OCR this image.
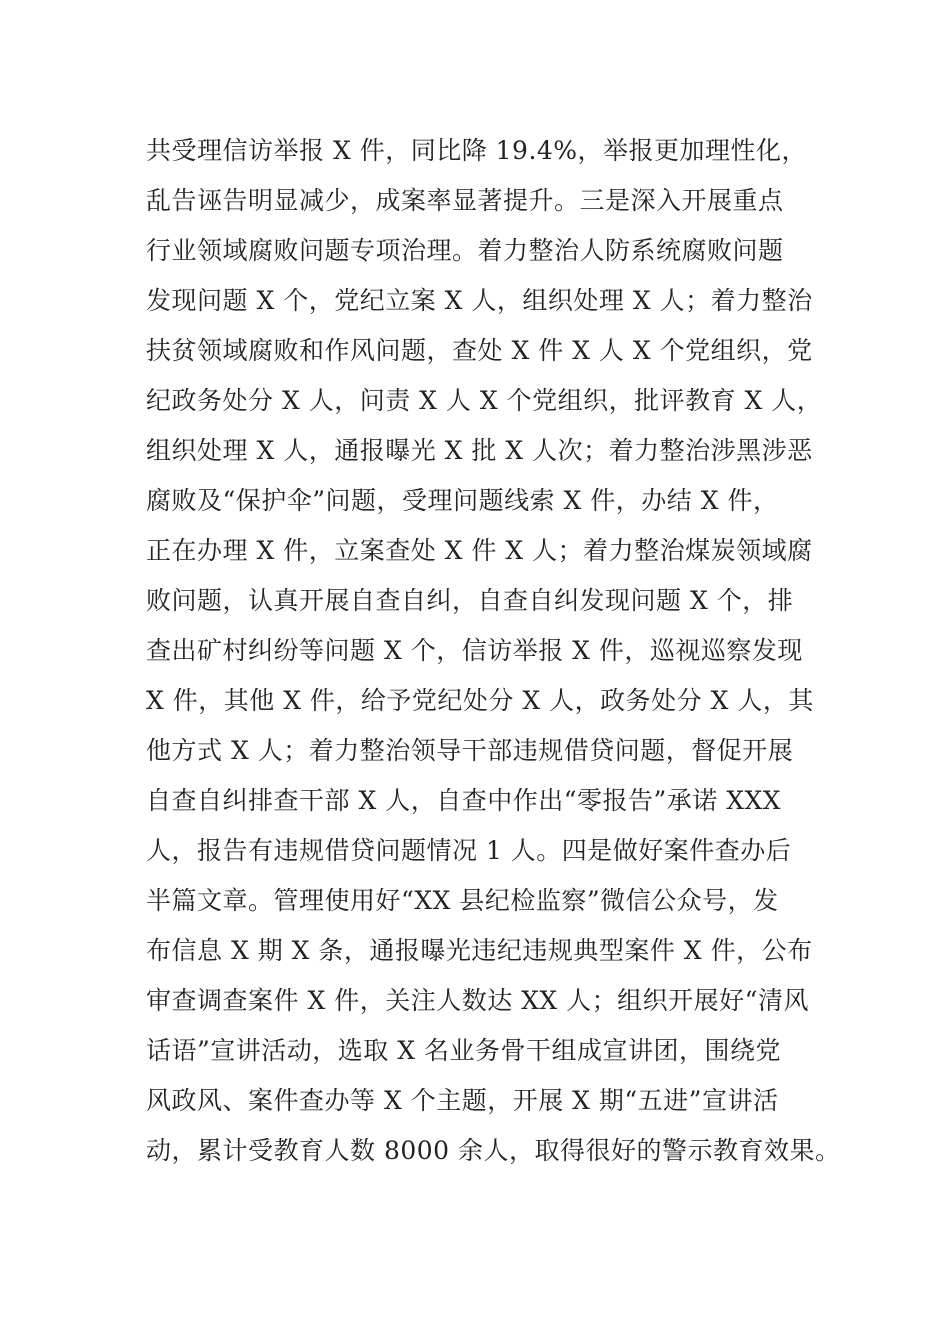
共受理信访举报 X 件，同比降 19.4%，举报更加理性化，
乱告诬告明显减少，成案率显著提升。三是深入开展重点
行业领域腐败问题专项治理。着力整治人防系统腐败问题
发现问题 X 个，党纪立案 X 人，组织处理 X 人；着力整治
扶贫领域腐败和作风问题，查处 X 件 X 人 X 个党组织，党
纪政务处分 X 人，问责 X 人 X 个党组织，批评教育 X 人，
组织处理 X 人，通报曝光 X 批 X 人次；着力整治涉黑涉恶
腐败及“保护伞”问题，受理问题线索 X 件，办结 X 件，
正在办理 X 件，立案查处 X 件 X 人；着力整治煤炭领域腐
败问题，认真开展自查自纠，自查自纠发现问题 X 个，排
查出矿村纠纷等问题 X 个，信访举报 X 件，巡视巡察发现
X 件，其他 X 件，给予党纪处分 X 人，政务处分 X 人，其
他方式 X 人；着力整治领导干部违规借贷问题，督促开展
自查自纠排查干部 X 人，自查中作出“零报告”承诺 XXX
人，报告有违规借贷问题情况 1 人。四是做好案件查办后
半篇文章。管理使用好“XX 县纪检监察”微信公众号，发
布信息 X 期 X 条，通报曝光违纪违规典型案件 X 件，公布
审查调查案件 X 件，关注人数达 XX 人；组织开展好“清风
话语”宣讲活动，选取 X 名业务骨干组成宣讲团，围绕党
风政风、案件查办等 X 个主题，开展 X 期“五进”宣讲活
动，累计受教育人数 8000 余人，取得很好的警示教育效果。
